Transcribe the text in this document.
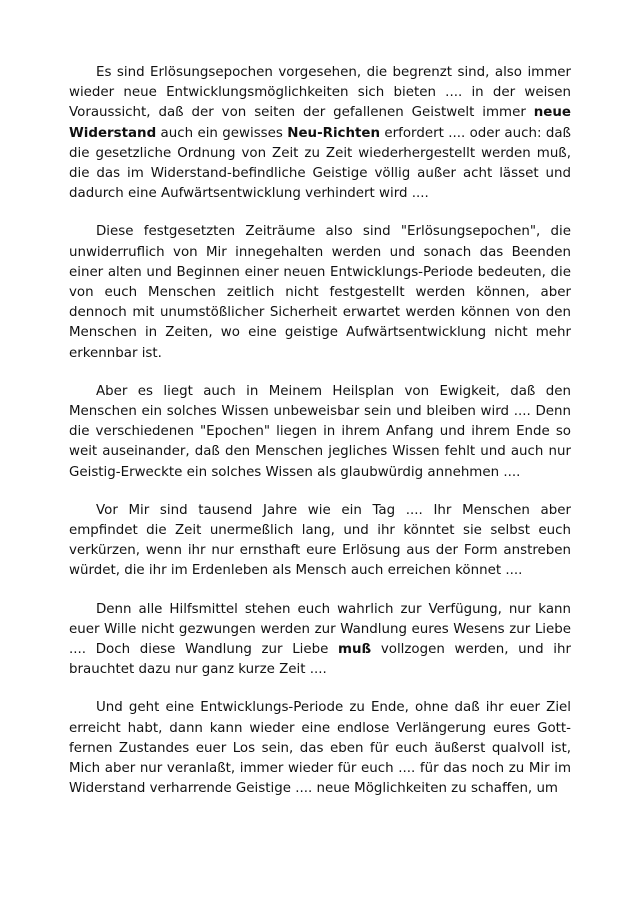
Es sind Erlösungsepochen vorgesehen, die begrenzt sind, also immer wieder neue Entwicklungsmöglichkeiten sich bieten .... in der weisen Voraussicht, daß der von seiten der gefallenen Geistwelt immer neue Widerstand auch ein gewisses Neu-Richten erfordert .... oder auch: daß die gesetzliche Ordnung von Zeit zu Zeit wiederhergestellt werden muß, die das im Widerstand-befindliche Geistige völlig außer acht lässet und dadurch eine Aufwärtsentwicklung verhindert wird ....

Diese festgesetzten Zeiträume also sind "Erlösungsepochen", die unwiderruflich von Mir innegehalten werden und sonach das Beenden einer alten und Beginnen einer neuen Entwicklungs-Periode bedeuten, die von euch Menschen zeitlich nicht festgestellt werden können, aber dennoch mit unumstößlicher Sicherheit erwartet werden können von den Menschen in Zeiten, wo eine geistige Aufwärtsentwicklung nicht mehr erkennbar ist.

Aber es liegt auch in Meinem Heilsplan von Ewigkeit, daß den Menschen ein solches Wissen unbeweisbar sein und bleiben wird .... Denn die verschiedenen "Epochen" liegen in ihrem Anfang und ihrem Ende so weit auseinander, daß den Menschen jegliches Wissen fehlt und auch nur Geistig-Erweckte ein solches Wissen als glaubwürdig annehmen ....

Vor Mir sind tausend Jahre wie ein Tag .... Ihr Menschen aber empfindet die Zeit unermeßlich lang, und ihr könntet sie selbst euch verkürzen, wenn ihr nur ernsthaft eure Erlösung aus der Form anstreben würdet, die ihr im Erdenleben als Mensch auch erreichen könnet ....

Denn alle Hilfsmittel stehen euch wahrlich zur Verfügung, nur kann euer Wille nicht gezwungen werden zur Wandlung eures Wesens zur Liebe .... Doch diese Wandlung zur Liebe muß vollzogen werden, und ihr brauchtet dazu nur ganz kurze Zeit ....

Und geht eine Entwicklungs-Periode zu Ende, ohne daß ihr euer Ziel erreicht habt, dann kann wieder eine endlose Verlängerung eures Gott-fernen Zustandes euer Los sein, das eben für euch äußerst qualvoll ist, Mich aber nur veranlaßt, immer wieder für euch .... für das noch zu Mir im Widerstand verharrende Geistige .... neue Möglichkeiten zu schaffen, um
